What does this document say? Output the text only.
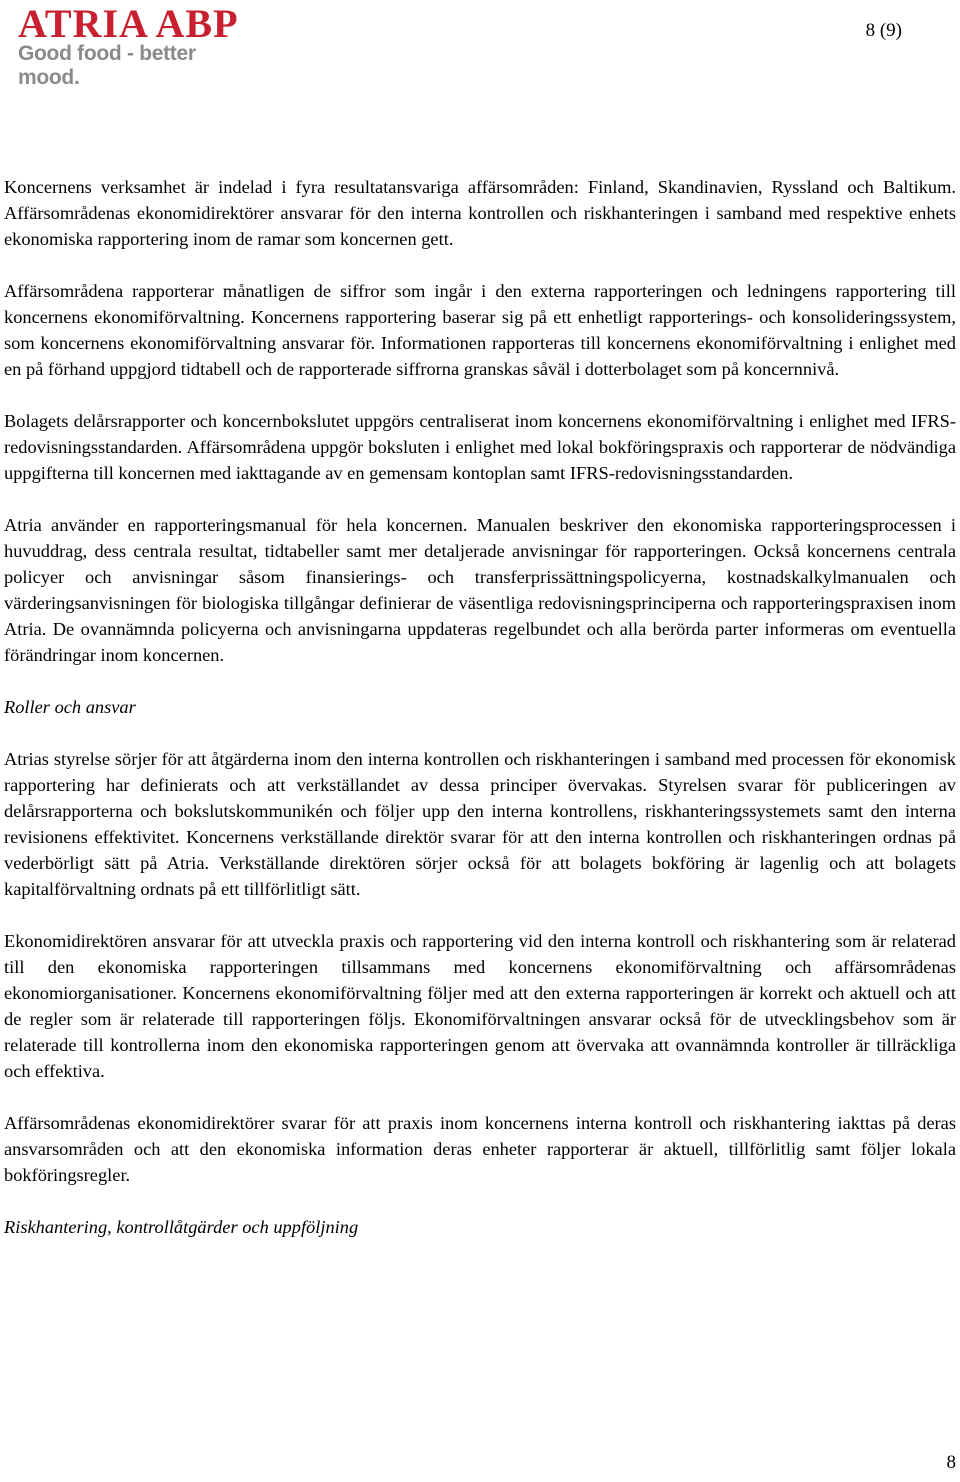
ATRIA ABP
Good food - better mood.
8 (9)

Koncernens verksamhet är indelad i fyra resultatansvariga affärsområden: Finland, Skandinavien, Ryssland och Baltikum. Affärsområdenas ekonomidirektörer ansvarar för den interna kontrollen och riskhanteringen i samband med respektive enhets ekonomiska rapportering inom de ramar som koncernen gett.

Affärsområdena rapporterar månatligen de siffror som ingår i den externa rapporteringen och ledningens rapportering till koncernens ekonomiförvaltning. Koncernens rapportering baserar sig på ett enhetligt rapporterings- och konsolideringssystem, som koncernens ekonomiförvaltning ansvarar för. Informationen rapporteras till koncernens ekonomiförvaltning i enlighet med en på förhand uppgjord tidtabell och de rapporterade siffrorna granskas såväl i dotterbolaget som på koncernnivå.

Bolagets delårsrapporter och koncernbokslutet uppgörs centraliserat inom koncernens ekonomiförvaltning i enlighet med IFRS-redovisningsstandarden. Affärsområdena uppgör boksluten i enlighet med lokal bokföringspraxis och rapporterar de nödvändiga uppgifterna till koncernen med iakttagande av en gemensam kontoplan samt IFRS-redovisningsstandarden.

Atria använder en rapporteringsmanual för hela koncernen. Manualen beskriver den ekonomiska rapporteringsprocessen i huvuddrag, dess centrala resultat, tidtabeller samt mer detaljerade anvisningar för rapporteringen. Också koncernens centrala policyer och anvisningar såsom finansierings- och transferprissättningspolicyerna, kostnadskalkylmanualen och värderingsanvisningen för biologiska tillgångar definierar de väsentliga redovisningsprinciperna och rapporteringspraxisen inom Atria. De ovannämnda policyerna och anvisningarna uppdateras regelbundet och alla berörda parter informeras om eventuella förändringar inom koncernen.

Roller och ansvar

Atrias styrelse sörjer för att åtgärderna inom den interna kontrollen och riskhanteringen i samband med processen för ekonomisk rapportering har definierats och att verkställandet av dessa principer övervakas. Styrelsen svarar för publiceringen av delårsrapporterna och bokslutskommunikén och följer upp den interna kontrollens, riskhanteringssystemets samt den interna revisionens effektivitet. Koncernens verkställande direktör svarar för att den interna kontrollen och riskhanteringen ordnas på vederbörligt sätt på Atria. Verkställande direktören sörjer också för att bolagets bokföring är lagenlig och att bolagets kapitalförvaltning ordnats på ett tillförlitligt sätt.

Ekonomidirektören ansvarar för att utveckla praxis och rapportering vid den interna kontroll och riskhantering som är relaterad till den ekonomiska rapporteringen tillsammans med koncernens ekonomiförvaltning och affärsområdenas ekonomiorganisationer. Koncernens ekonomiförvaltning följer med att den externa rapporteringen är korrekt och aktuell och att de regler som är relaterade till rapporteringen följs. Ekonomiförvaltningen ansvarar också för de utvecklingsbehov som är relaterade till kontrollerna inom den ekonomiska rapporteringen genom att övervaka att ovannämnda kontroller är tillräckliga och effektiva.

Affärsområdenas ekonomidirektörer svarar för att praxis inom koncernens interna kontroll och riskhantering iakttas på deras ansvarsområden och att den ekonomiska information deras enheter rapporterar är aktuell, tillförlitlig samt följer lokala bokföringsregler.

Riskhantering, kontrollåtgärder och uppföljning

8
